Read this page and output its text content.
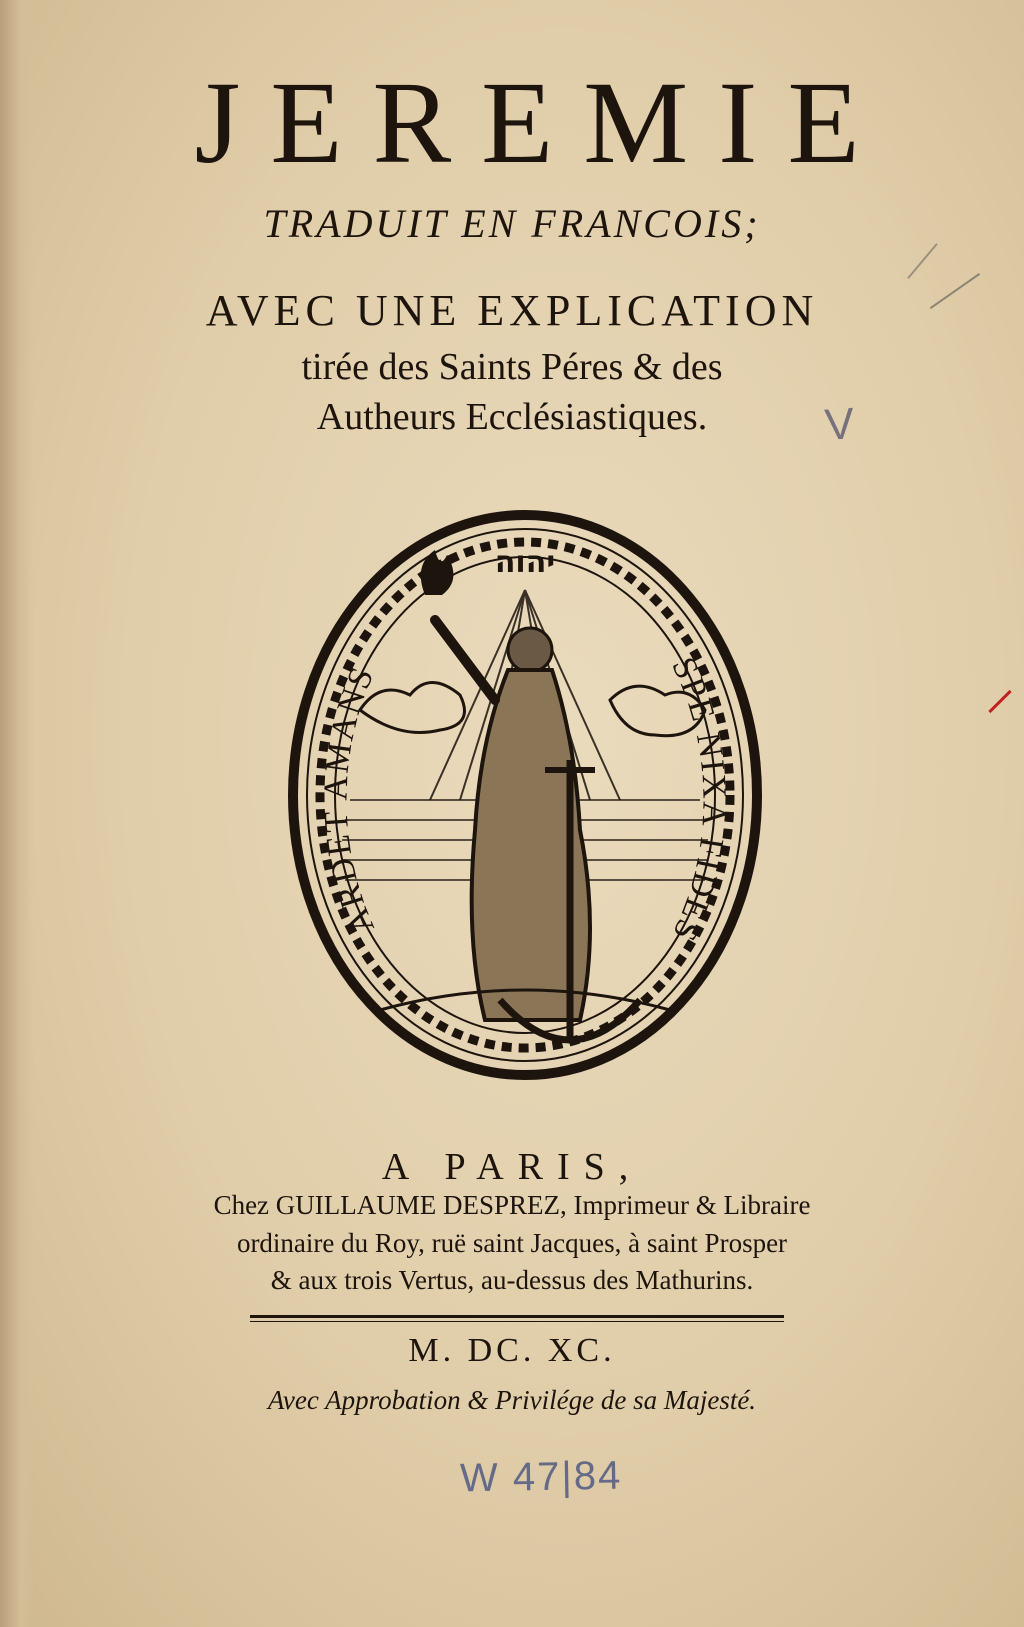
JEREMIE
TRADUIT EN FRANCOIS;
AVEC UNE EXPLICATION
tirée des Saints Péres & des
Autheurs Ecclésiastiques.	V
יהוה
ARDET AMANS	SPE NIXA FIDES
A PARIS,
Chez GUILLAUME DESPREZ, Imprimeur & Libraire
ordinaire du Roy, ruë saint Jacques, à saint Prosper
& aux trois Vertus, au-dessus des Mathurins.
M. DC. XC.
Avec Approbation & Privilége de sa Majesté.
W 47|84
